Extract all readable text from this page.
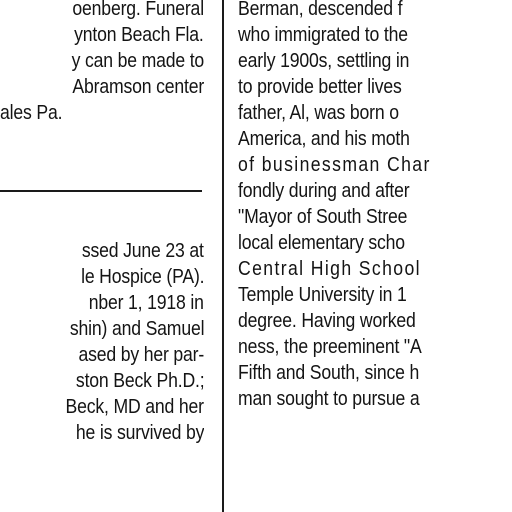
oenberg. Funeral
ynton Beach Fla.
y can be made to
Abramson center
ales Pa.
ssed June 23 at
le Hospice (PA).
nber 1, 1918 in
shin) and Samuel
ased by her par-
ston Beck Ph.D.;
Beck, MD and her
he is survived by
Berman, descended f
who immigrated to the
early 1900s, settling in
to provide better lives
father, Al, was born o
America, and his moth
of businessman Char
fondly during and after
"Mayor of South Stree
local elementary scho
Central High School
Temple University in 1
degree. Having worked
ness, the preeminent "A
Fifth and South, since h
man sought to pursue a
